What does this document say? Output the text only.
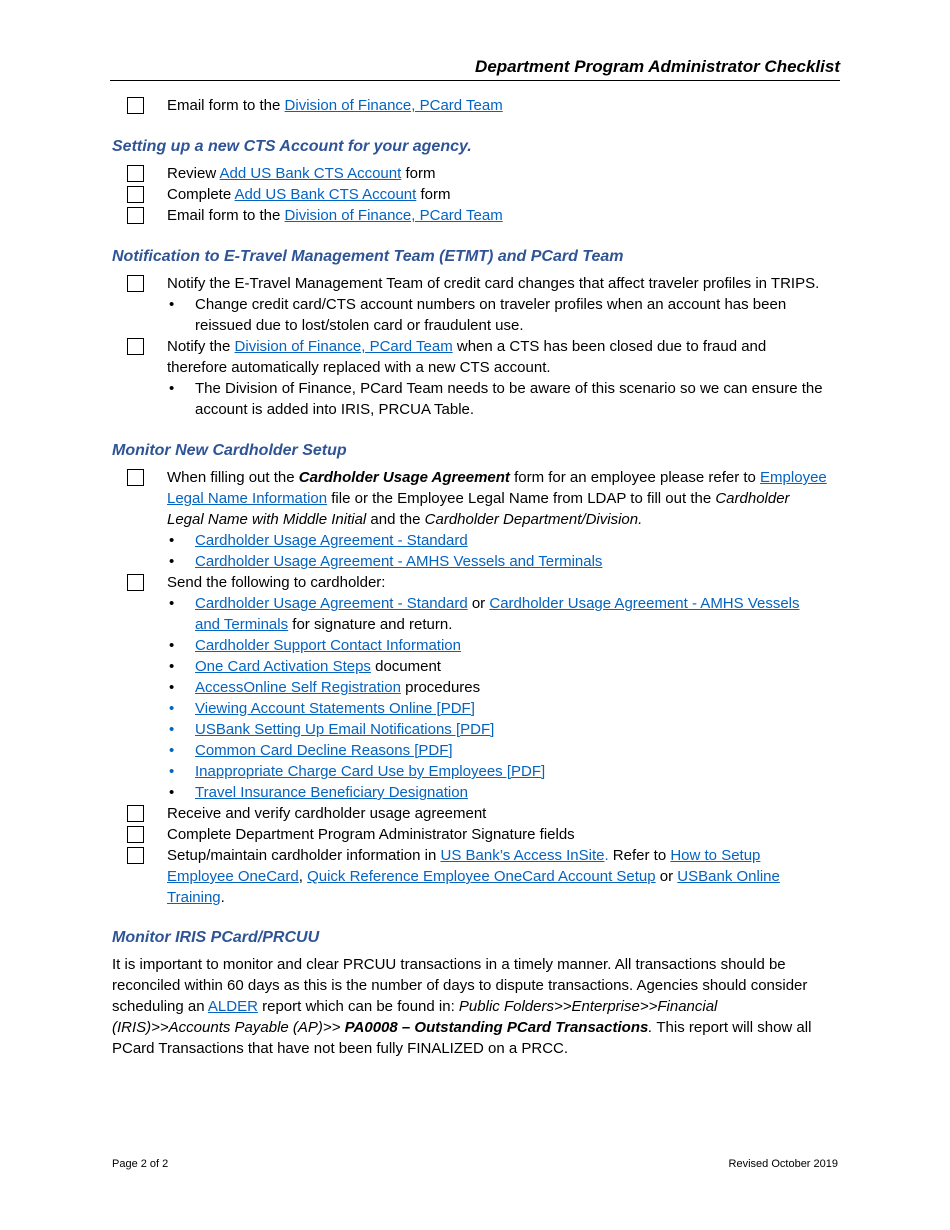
Department Program Administrator Checklist
Email form to the Division of Finance, PCard Team
Setting up a new CTS Account for your agency.
Review Add US Bank CTS Account form
Complete Add US Bank CTS Account form
Email form to the Division of Finance, PCard Team
Notification to E-Travel Management Team (ETMT) and PCard Team
Notify the E-Travel Management Team of credit card changes that affect traveler profiles in TRIPS.
• Change credit card/CTS account numbers on traveler profiles when an account has been reissued due to lost/stolen card or fraudulent use.
Notify the Division of Finance, PCard Team when a CTS has been closed due to fraud and therefore automatically replaced with a new CTS account.
• The Division of Finance, PCard Team needs to be aware of this scenario so we can ensure the account is added into IRIS, PRCUA Table.
Monitor New Cardholder Setup
When filling out the Cardholder Usage Agreement form for an employee please refer to Employee Legal Name Information file or the Employee Legal Name from LDAP to fill out the Cardholder Legal Name with Middle Initial and the Cardholder Department/Division.
• Cardholder Usage Agreement - Standard
• Cardholder Usage Agreement - AMHS Vessels and Terminals
Send the following to cardholder:
• Cardholder Usage Agreement - Standard or Cardholder Usage Agreement - AMHS Vessels and Terminals for signature and return.
• Cardholder Support Contact Information
• One Card Activation Steps document
• AccessOnline Self Registration procedures
• Viewing Account Statements Online [PDF]
• USBank Setting Up Email Notifications [PDF]
• Common Card Decline Reasons [PDF]
• Inappropriate Charge Card Use by Employees [PDF]
• Travel Insurance Beneficiary Designation
Receive and verify cardholder usage agreement
Complete Department Program Administrator Signature fields
Setup/maintain cardholder information in US Bank’s Access InSite. Refer to How to Setup Employee OneCard, Quick Reference Employee OneCard Account Setup or USBank Online Training.
Monitor IRIS PCard/PRCUU

It is important to monitor and clear PRCUU transactions in a timely manner. All transactions should be reconciled within 60 days as this is the number of days to dispute transactions. Agencies should consider scheduling an ALDER report which can be found in: Public Folders>>Enterprise>>Financial (IRIS)>>Accounts Payable (AP)>> PA0008 – Outstanding PCard Transactions. This report will show all PCard Transactions that have not been fully FINALIZED on a PRCC.

Page 2 of 2	Revised October 2019
